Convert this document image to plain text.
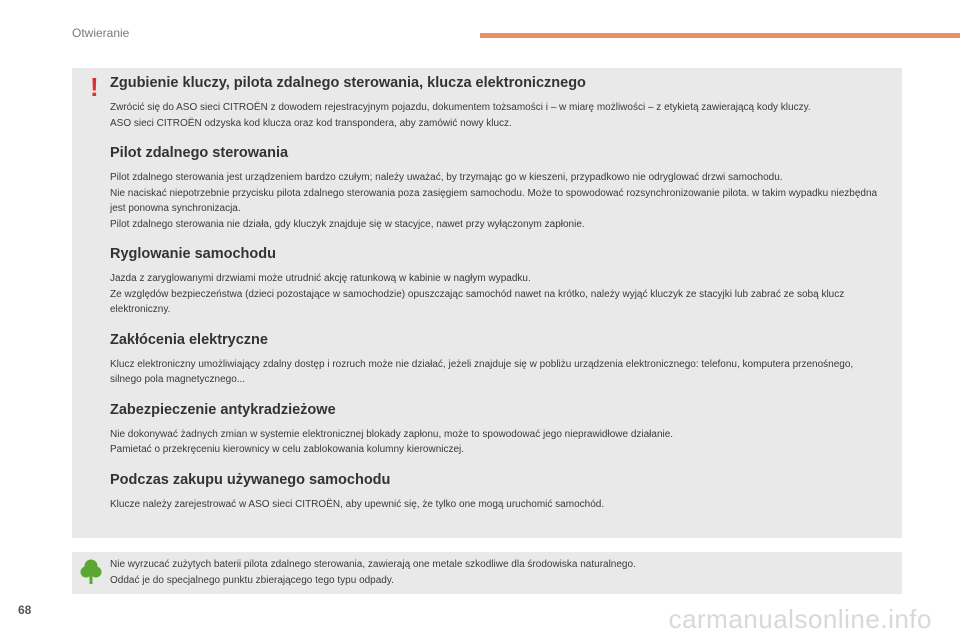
Otwieranie
! Zgubienie kluczy, pilota zdalnego sterowania, klucza elektronicznego
Zwrócić się do ASO sieci CITROËN z dowodem rejestracyjnym pojazdu, dokumentem tożsamości i – w miarę możliwości – z etykietą zawierającą kody kluczy.
ASO sieci CITROËN odzyska kod klucza oraz kod transpondera, aby zamówić nowy klucz.
Pilot zdalnego sterowania
Pilot zdalnego sterowania jest urządzeniem bardzo czułym; należy uważać, by trzymając go w kieszeni, przypadkowo nie odryglować drzwi samochodu.
Nie naciskać niepotrzebnie przycisku pilota zdalnego sterowania poza zasięgiem samochodu. Może to spowodować rozsynchronizowanie pilota. w takim wypadku niezbędna jest ponowna synchronizacja.
Pilot zdalnego sterowania nie działa, gdy kluczyk znajduje się w stacyjce, nawet przy wyłączonym zapłonie.
Ryglowanie samochodu
Jazda z zaryglowanymi drzwiami może utrudnić akcję ratunkową w kabinie w nagłym wypadku.
Ze względów bezpieczeństwa (dzieci pozostające w samochodzie) opuszczając samochód nawet na krótko, należy wyjąć kluczyk ze stacyjki lub zabrać ze sobą klucz elektroniczny.
Zakłócenia elektryczne
Klucz elektroniczny umożliwiający zdalny dostęp i rozruch może nie działać, jeżeli znajduje się w pobliżu urządzenia elektronicznego: telefonu, komputera przenośnego, silnego pola magnetycznego...
Zabezpieczenie antykradzieżowe
Nie dokonywać żadnych zmian w systemie elektronicznej blokady zapłonu, może to spowodować jego nieprawidłowe działanie.
Pamietać o przekręceniu kierownicy w celu zablokowania kolumny kierowniczej.
Podczas zakupu używanego samochodu
Klucze należy zarejestrować w ASO sieci CITROËN, aby upewnić się, że tylko one mogą uruchomić samochód.
Nie wyrzucać zużytych baterii pilota zdalnego sterowania, zawierają one metale szkodliwe dla środowiska naturalnego.
Oddać je do specjalnego punktu zbierającego tego typu odpady.
68	carmanualsonline.info
